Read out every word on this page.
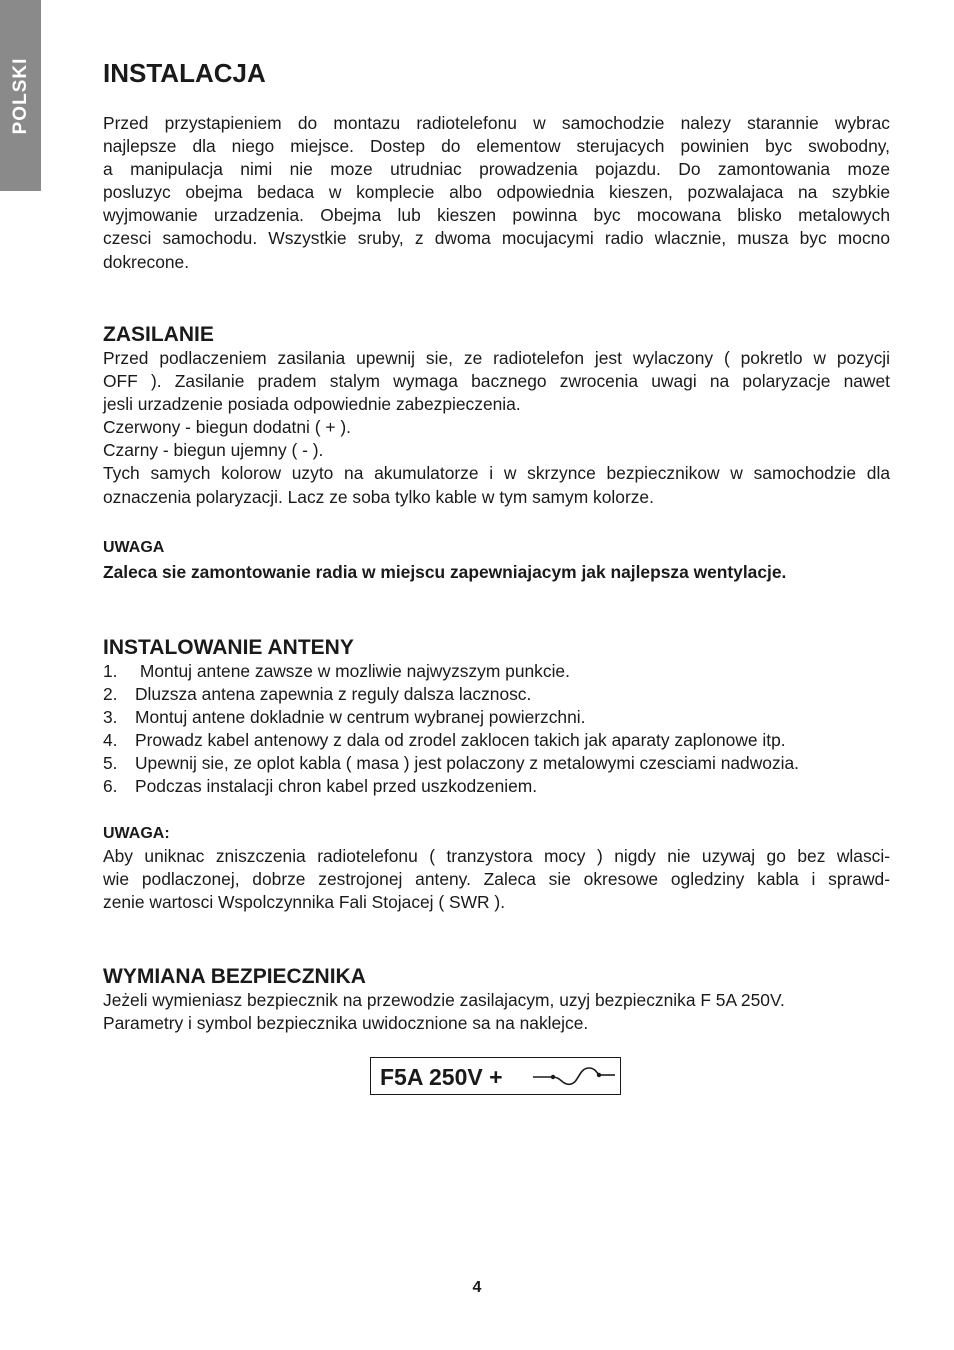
POLSKI	INSTALACJA

Przed przystapieniem do montazu radiotelefonu w samochodzie nalezy starannie wybrac

najlepsze dla niego miejsce. Dostep do elementow sterujacych powinien byc swobodny,

a manipulacja nimi nie moze utrudniac prowadzenia pojazdu. Do zamontowania moze

posluzyc obejma bedaca w komplecie albo odpowiednia kieszen, pozwalajaca na szybkie

wyjmowanie urzadzenia. Obejma lub kieszen powinna byc mocowana blisko metalowych

czesci samochodu. Wszystkie sruby, z dwoma mocujacymi radio wlacznie, musza byc mocno

dokrecone.

ZASILANIE

Przed podlaczeniem zasilania upewnij sie, ze radiotelefon jest wylaczony ( pokretlo w pozycji

OFF ). Zasilanie pradem stalym wymaga bacznego zwrocenia uwagi na polaryzacje nawet

jesli urzadzenie posiada odpowiednie zabezpieczenia.

Czerwony - biegun dodatni ( + ).

Czarny - biegun ujemny ( - ).

Tych samych kolorow uzyto na akumulatorze i w skrzynce bezpiecznikow w samochodzie dla

oznaczenia polaryzacji. Lacz ze soba tylko kable w tym samym kolorze.

UWAGA

Zaleca sie zamontowanie radia w miejscu zapewniajacym jak najlepsza wentylacje.

INSTALOWANIE ANTENY
1.	Montuj antene zawsze w mozliwie najwyzszym punkcie.
2.	Dluzsza antena zapewnia z reguly dalsza lacznosc.
3.	Montuj antene dokladnie w centrum wybranej powierzchni.
4.	Prowadz kabel antenowy z dala od zrodel zaklocen takich jak aparaty zaplonowe itp.
5.	Upewnij sie, ze oplot kabla ( masa ) jest polaczony z metalowymi czesciami nadwozia.
6.	Podczas instalacji chron kabel przed uszkodzeniem.

UWAGA:

Aby uniknac zniszczenia radiotelefonu ( tranzystora mocy ) nigdy nie uzywaj go bez wlasci-

wie podlaczonej, dobrze zestrojonej anteny. Zaleca sie okresowe ogledziny kabla i sprawd-

zenie wartosci Wspolczynnika Fali Stojacej ( SWR ).

WYMIANA BEZPIECZNIKA

Jeżeli wymieniasz bezpiecznik na przewodzie zasilajacym, uzyj bezpiecznika F 5A 250V.

Parametry i symbol bezpiecznika uwidocznione sa na naklejce.

F5A 250V +
4
